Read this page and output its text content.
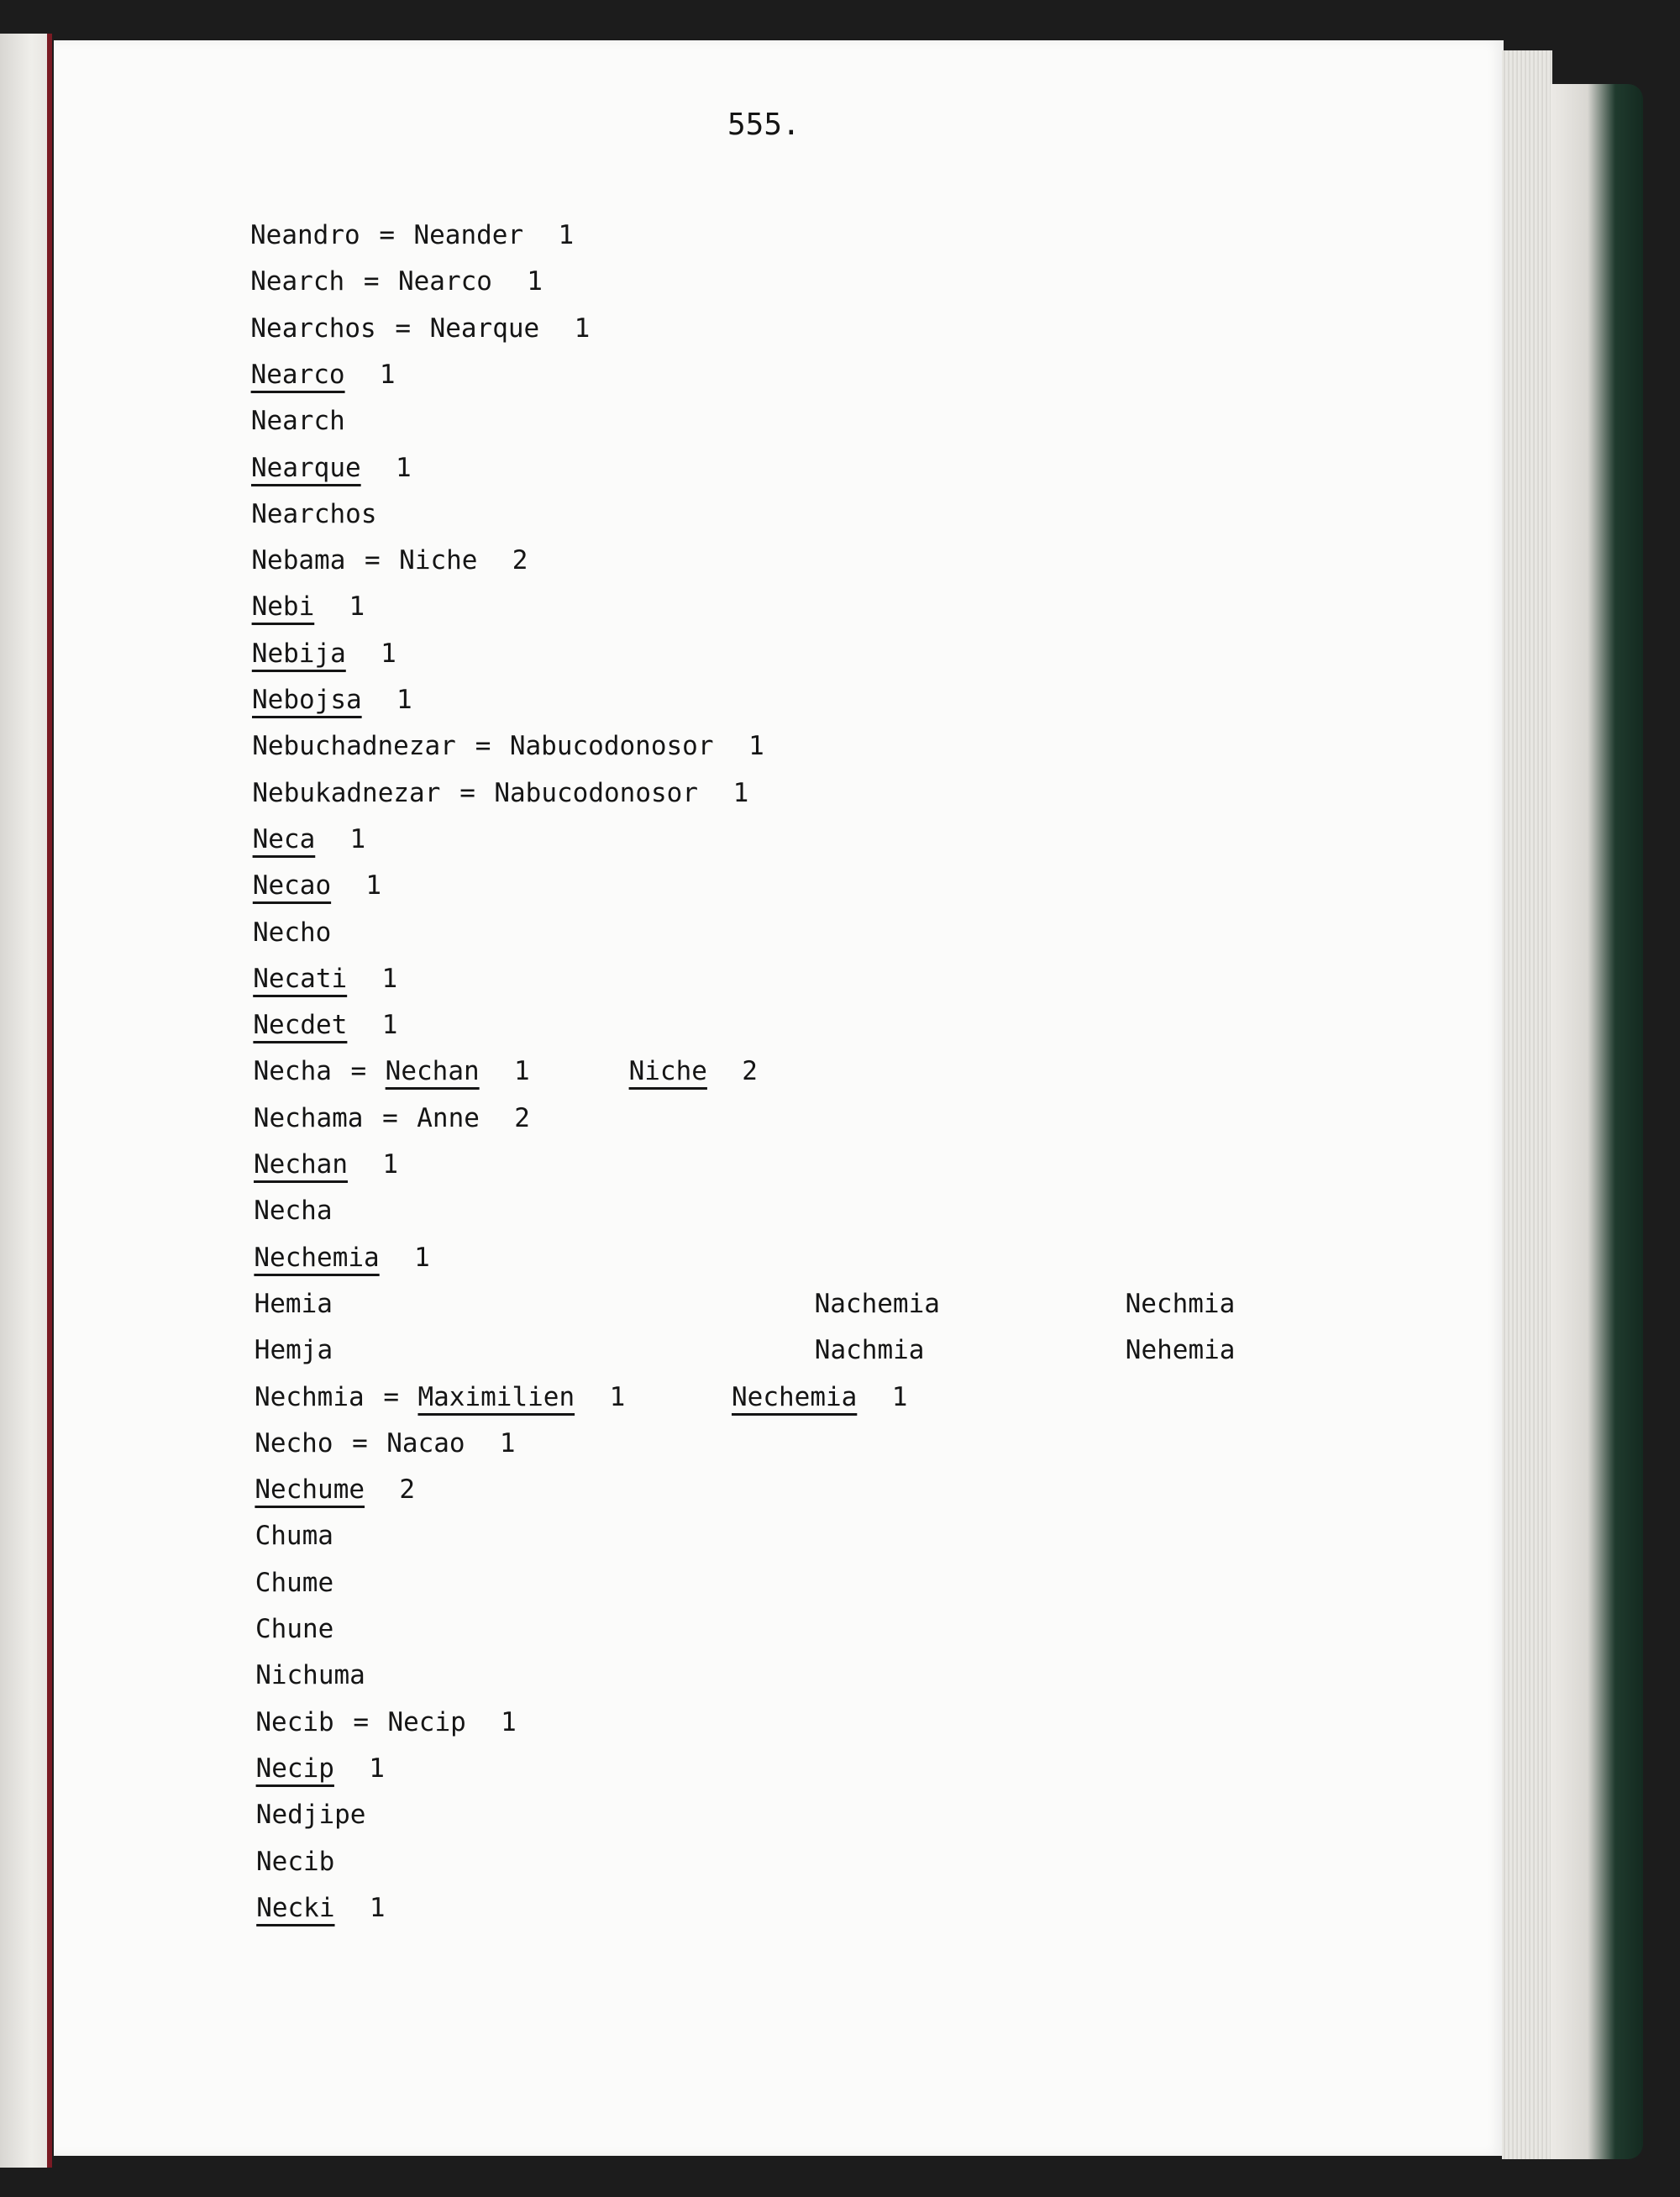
555.
Neandro = Neander 1
Nearch = Nearco 1
Nearchos = Nearque 1
Nearco 1
Nearch
Nearque 1
Nearchos
Nebama = Niche 2
Nebi 1
Nebija 1
Nebojsa 1
Nebuchadnezar = Nabucodonosor 1
Nebukadnezar = Nabucodonosor 1
Neca 1
Necao 1
Necho
Necati 1
Necdet 1
Necha = Nechan 1	Niche 2
Nechama = Anne 2
Nechan 1
Necha
Nechemia 1
Hemia	Nachemia	Nechmia
Hemja	Nachmia	Nehemia
Nechmia = Maximilien 1	Nechemia 1
Necho = Nacao 1
Nechume 2
Chuma
Chume
Chune
Nichuma
Necib = Necip 1
Necip 1
Nedjipe
Necib
Necki 1
